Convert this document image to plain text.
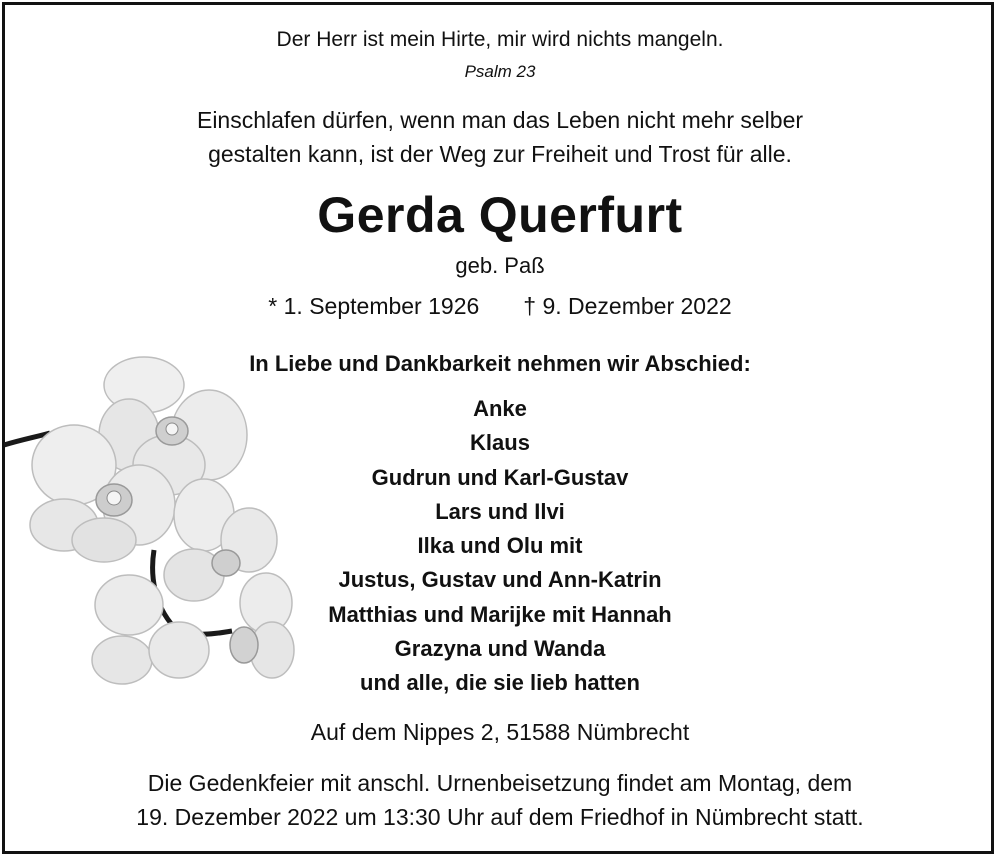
Der Herr ist mein Hirte, mir wird nichts mangeln.
Psalm 23
Einschlafen dürfen, wenn man das Leben nicht mehr selber
gestalten kann, ist der Weg zur Freiheit und Trost für alle.
Gerda Querfurt
geb. Paß
* 1. September 1926 † 9. Dezember 2022
In Liebe und Dankbarkeit nehmen wir Abschied:
Anke
Klaus
Gudrun und Karl-Gustav
Lars und Ilvi
Ilka und Olu mit
Justus, Gustav und Ann-Katrin
Matthias und Marijke mit Hannah
Grazyna und Wanda
und alle, die sie lieb hatten
Auf dem Nippes 2, 51588 Nümbrecht
Die Gedenkfeier mit anschl. Urnenbeisetzung findet am Montag, dem
19. Dezember 2022 um 13:30 Uhr auf dem Friedhof in Nümbrecht statt.
